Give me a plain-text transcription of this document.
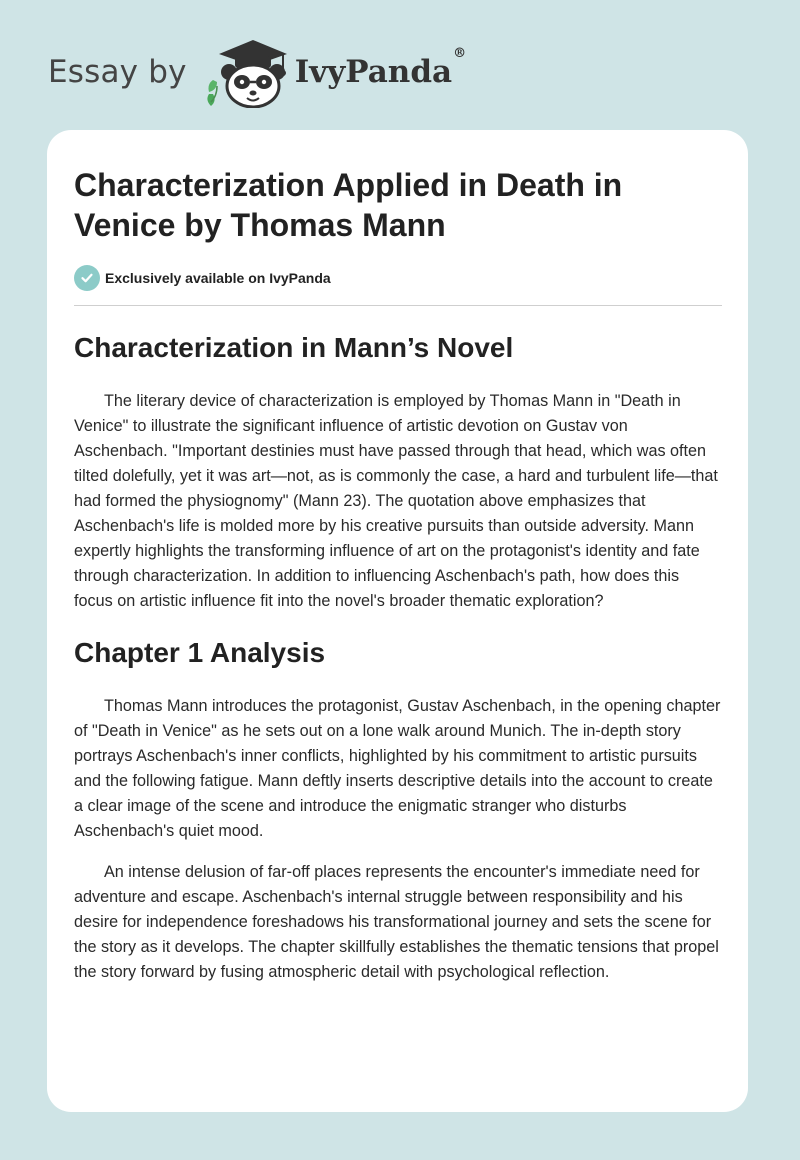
Essay by	IvyPanda®
Characterization Applied in Death in Venice by Thomas Mann
Exclusively available on IvyPanda
Characterization in Mann’s Novel

The literary device of characterization is employed by Thomas Mann in "Death in Venice" to illustrate the significant influence of artistic devotion on Gustav von Aschenbach. "Important destinies must have passed through that head, which was often tilted dolefully, yet it was art—not, as is commonly the case, a hard and turbulent life—that had formed the physiognomy" (Mann 23). The quotation above emphasizes that Aschenbach's life is molded more by his creative pursuits than outside adversity. Mann expertly highlights the transforming influence of art on the protagonist's identity and fate through characterization. In addition to influencing Aschenbach's path, how does this focus on artistic influence fit into the novel's broader thematic exploration?

Chapter 1 Analysis

Thomas Mann introduces the protagonist, Gustav Aschenbach, in the opening chapter of "Death in Venice" as he sets out on a lone walk around Munich. The in-depth story portrays Aschenbach's inner conflicts, highlighted by his commitment to artistic pursuits and the following fatigue. Mann deftly inserts descriptive details into the account to create a clear image of the scene and introduce the enigmatic stranger who disturbs Aschenbach's quiet mood.

An intense delusion of far-off places represents the encounter's immediate need for adventure and escape. Aschenbach's internal struggle between responsibility and his desire for independence foreshadows his transformational journey and sets the scene for the story as it develops. The chapter skillfully establishes the thematic tensions that propel the story forward by fusing atmospheric detail with psychological reflection.
